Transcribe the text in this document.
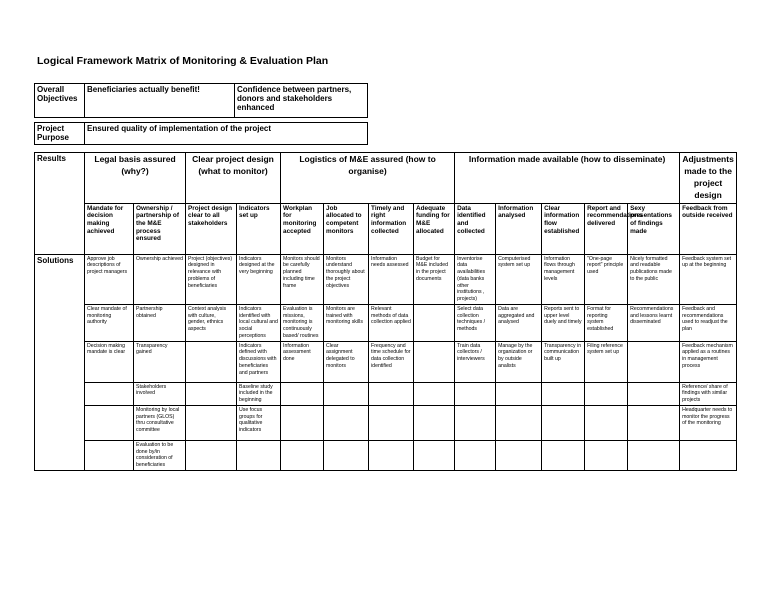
Logical Framework Matrix of Monitoring & Evaluation Plan
Overall Objectives	Beneficiaries actually benefit!	Confidence between partners, donors and stakeholders enhanced
Project Purpose	Ensured quality of implementation of the project
Results	Legal basis assured (why?)		Clear project design (what to monitor)		Logistics of M&E assured (how to organise)				Information made available (how to disseminate)					Adjustments made to the project design
	Mandate for decision making achieved	Ownership / partnership of the M&E process ensured	Project design clear to all stakeholders	Indicators set up	Workplan for monitoring accepted	Job allocated to competent monitors	Timely and right information collected	Adequate funding for M&E allocated	Data identified and collected	Information analysed	Clear information flow established	Report and recommendations delivered	Sexy presentations of findings made	Feedback from outside received
Solutions	Approve job descriptions of project managers	Ownership achieved	Project (objectives) designed in relevance with problems of beneficiaries	Indicators designed at the very beginning	Monitors should be carefully planned including time frame	Monitors understand thoroughly about the project objectives	Information needs assessed	Budget for M&E included in the project documents	Inventorise data availabilities (data banks other institutions , projects)	Computerised system set up	Information flows through management levels	"One-page report" principle used	Nicely formatted and readable publications made to the public	Feedback system set up at the beginning
	Clear mandate of monitoring authority	Partnership obtained	Context analysis with culture, gender, ethnics aspects	Indicators identified with local cultural and social perceptions	Evaluation is missions, monitoring is continuously based/ routines	Monitors are trained with monitoring skills	Relevant methods of data collection applied		Select data collection techniques / methods	Data are aggregated and analysed	Reports sent to upper level duely and timely	Format for reporting system established	Recommendations and lessons learnt disseminated	Feedback and recommendations used to readjust the plan
	Decision making mandate is clear	Transparency gained		Indicators defined with discussions with beneficiaries and partners	Information assessment done	Clear assignment delegated to monitors	Frequency and time schedule for data collection identified		Train data collectors / interviewers	Manage by the organization or by outside analists	Transparency in communication built up	Filing reference system set up		Feedback mechanism applied as a routines in management process
		Stakeholders involved		Baseline study included in the beginning										Reference/ share of findings with similar projects
		Monitoring by local partners (GLOS) thru consultative committee		Use focus groups for qualitative indicators										Headquarter needs to monitor the progress of the monitoring
		Evaluation to be done by/in consideration of beneficiaries												
